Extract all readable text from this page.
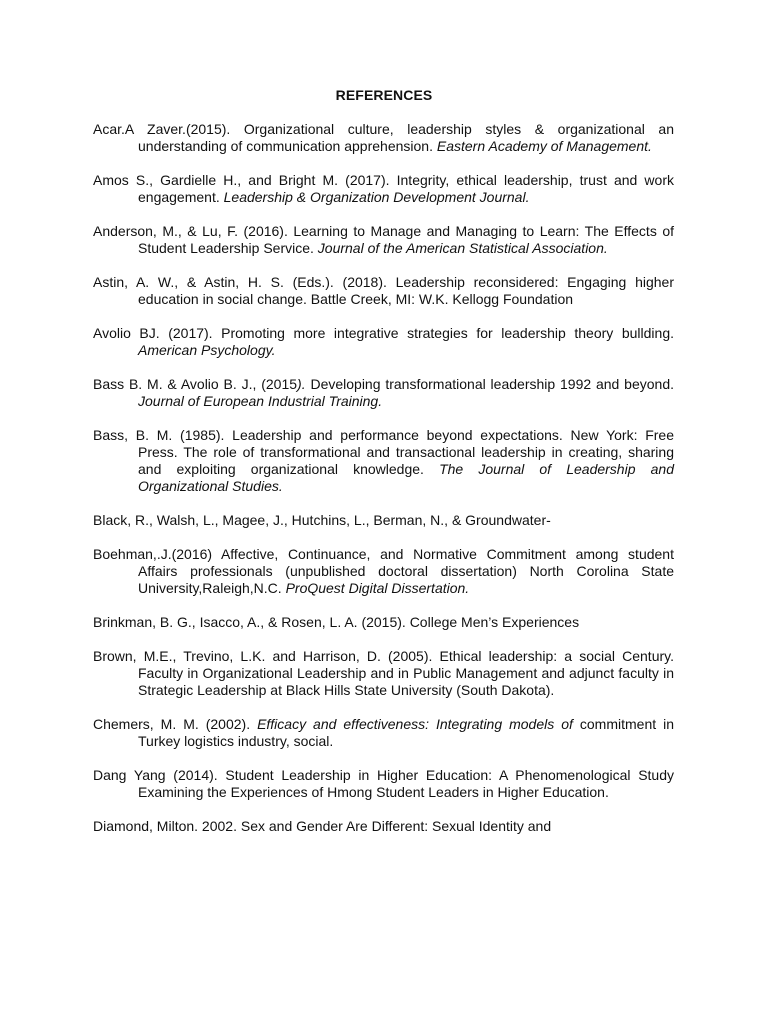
REFERENCES

Acar.A Zaver.(2015). Organizational culture, leadership styles & organizational an understanding of communication apprehension. Eastern Academy of Management.

Amos S., Gardielle H., and Bright M. (2017). Integrity, ethical leadership, trust and work engagement. Leadership & Organization Development Journal.

Anderson, M., & Lu, F. (2016). Learning to Manage and Managing to Learn: The Effects of Student Leadership Service. Journal of the American Statistical Association.

Astin, A. W., & Astin, H. S. (Eds.). (2018). Leadership reconsidered: Engaging higher education in social change. Battle Creek, MI: W.K. Kellogg Foundation

Avolio BJ. (2017). Promoting more integrative strategies for leadership theory bullding. American Psychology.

Bass B. M. & Avolio B. J., (2015). Developing transformational leadership 1992 and beyond. Journal of European Industrial Training.

Bass, B. M. (1985). Leadership and performance beyond expectations. New York: Free Press. The role of transformational and transactional leadership in creating, sharing and exploiting organizational knowledge. The Journal of Leadership and Organizational Studies.

Black, R., Walsh, L., Magee, J., Hutchins, L., Berman, N., & Groundwater-

Boehman,.J.(2016) Affective, Continuance, and Normative Commitment among student Affairs professionals (unpublished doctoral dissertation) North Corolina State University,Raleigh,N.C. ProQuest Digital Dissertation.

Brinkman, B. G., Isacco, A., & Rosen, L. A. (2015). College Men’s Experiences

Brown, M.E., Trevino, L.K. and Harrison, D. (2005). Ethical leadership: a social Century. Faculty in Organizational Leadership and in Public Management and adjunct faculty in Strategic Leadership at Black Hills State University (South Dakota).

Chemers, M. M. (2002). Efficacy and effectiveness: Integrating models of commitment in Turkey logistics industry, social.

Dang Yang (2014). Student Leadership in Higher Education: A Phenomenological Study Examining the Experiences of Hmong Student Leaders in Higher Education.

Diamond, Milton. 2002. Sex and Gender Are Different: Sexual Identity and
